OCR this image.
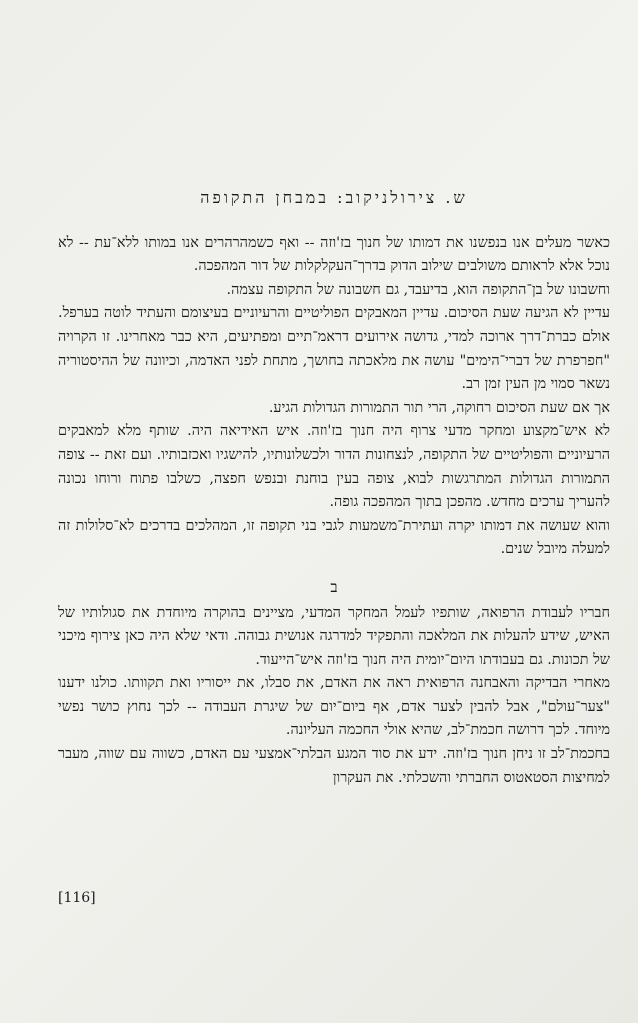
ש. צירולניקוב: במבחן התקופה

כאשר מעלים אנו בנפשנו את דמותו של חנוך בז'וזה -- ואף כשמהרהרים אנו במותו ללא־עת -- לא נוכל אלא לראותם משולבים שילוב הדוק בדרך־העקלקלות של דור המהפכה.

וחשבונו של בן־התקופה הוא, בדיעבד, גם חשבונה של התקופה עצמה.

עדיין לא הגיעה שעת הסיכום. עדיין המאבקים הפוליטיים והרעיוניים בעיצומם והעתיד לוטה בערפל. אולם כברת־דרך ארוכה למדי, גדושה אירועים דראמ־תיים ומפתיעים, היא כבר מאחרינו. זו הקרויה "חפרפרת של דברי־הימים" עושה את מלאכתה בחושך, מתחת לפני האדמה, וכיוונה של ההיסטוריה נשאר סמוי מן העין זמן רב.

אך אם שעת הסיכום רחוקה, הרי תור התמורות הגדולות הגיע.

לא איש־מקצוע ומחקר מדעי צרוף היה חנוך בז'וזה. איש האידיאה היה. שותף מלא למאבקים הרעיוניים והפוליטיים של התקופה, לנצחונות הדור ולכשלונותיו, להישגיו ואכזבותיו. ועם זאת -- צופה התמורות הגדולות המתרגשות לבוא, צופה בעין בוחנת ובנפש חפצה, כשלבו פתוח ורוחו נכונה להעריך ערכים מחדש. מהפכן בתוך המהפכה גופה.

והוא שעושה את דמותו יקרה ועתירת־משמעות לגבי בני תקופה זו, המהלכים בדרכים לא־סלולות זה למעלה מיובל שנים.

ב

חבריו לעבודת הרפואה, שותפיו לעמל המחקר המדעי, מציינים בהוקרה מיוחדת את סגולותיו של האיש, שידע להעלות את המלאכה והתפקיד למדרגה אנושית גבוהה. ודאי שלא היה כאן צירוף מיכני של תכונות. גם בעבודתו היום־יומית היה חנוך בז'וזה איש־הייעוד.

מאחרי הבדיקה והאבחנה הרפואית ראה את האדם, את סבלו, את ייסוריו ואת תקוותו. כולנו ידענו "צער־עולם", אבל להבין לצער אדם, אף ביום־יום של שיגרת העבודה -- לכך נחוץ כושר נפשי מיוחד. לכך דרושה חכמת־לב, שהיא אולי החכמה העליונה.

בחכמת־לב זו ניחן חנוך בז'וזה. ידע את סוד המגע הבלתי־אמצעי עם האדם, כשווה עם שווה, מעבר למחיצות הסטאטוס החברתי והשכלתי. את העקרון

[116]
